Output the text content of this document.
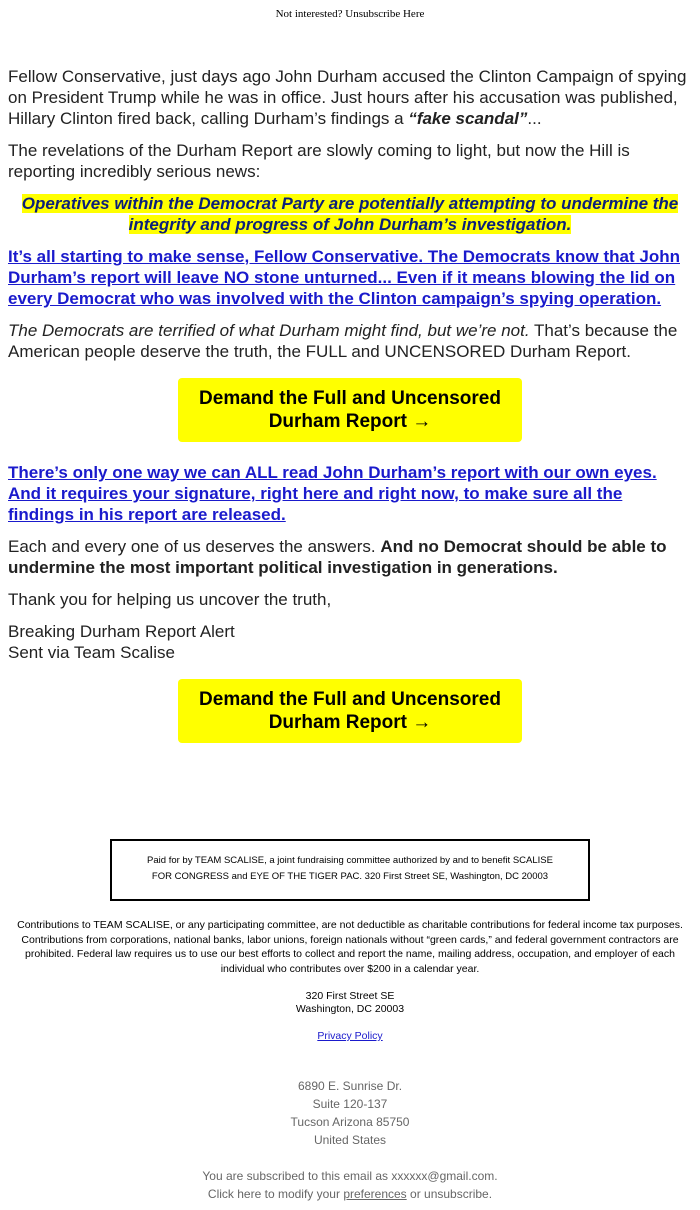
Not interested? Unsubscribe Here

Fellow Conservative, just days ago John Durham accused the Clinton Campaign of spying on President Trump while he was in office. Just hours after his accusation was published, Hillary Clinton fired back, calling Durham’s findings a “fake scandal”...

The revelations of the Durham Report are slowly coming to light, but now the Hill is reporting incredibly serious news:

Operatives within the Democrat Party are potentially attempting to undermine the integrity and progress of John Durham’s investigation.
It’s all starting to make sense, Fellow Conservative. The Democrats know that John Durham’s report will leave NO stone unturned... Even if it means blowing the lid on every Democrat who was involved with the Clinton campaign’s spying operation.

The Democrats are terrified of what Durham might find, but we’re not. That’s because the American people deserve the truth, the FULL and UNCENSORED Durham Report.

Demand the Full and Uncensored
Durham Report →
There’s only one way we can ALL read John Durham’s report with our own eyes. And it requires your signature, right here and right now, to make sure all the findings in his report are released.

Each and every one of us deserves the answers. And no Democrat should be able to undermine the most important political investigation in generations.

Thank you for helping us uncover the truth,

Breaking Durham Report Alert
Sent via Team Scalise

Demand the Full and Uncensored
Durham Report →
Paid for by TEAM SCALISE, a joint fundraising committee authorized by and to benefit SCALISE
FOR CONGRESS and EYE OF THE TIGER PAC. 320 First Street SE, Washington, DC 20003
Contributions to TEAM SCALISE, or any participating committee, are not deductible as charitable contributions for federal income tax purposes. Contributions from corporations, national banks, labor unions, foreign nationals without “green cards,” and federal government contractors are prohibited. Federal law requires us to use our best efforts to collect and report the name, mailing address, occupation, and employer of each individual who contributes over $200 in a calendar year.
320 First Street SE
Washington, DC 20003
Privacy Policy
6890 E. Sunrise Dr.
Suite 120-137
Tucson Arizona 85750
United States
You are subscribed to this email as xxxxxx@gmail.com.
Click here to modify your preferences or unsubscribe.
